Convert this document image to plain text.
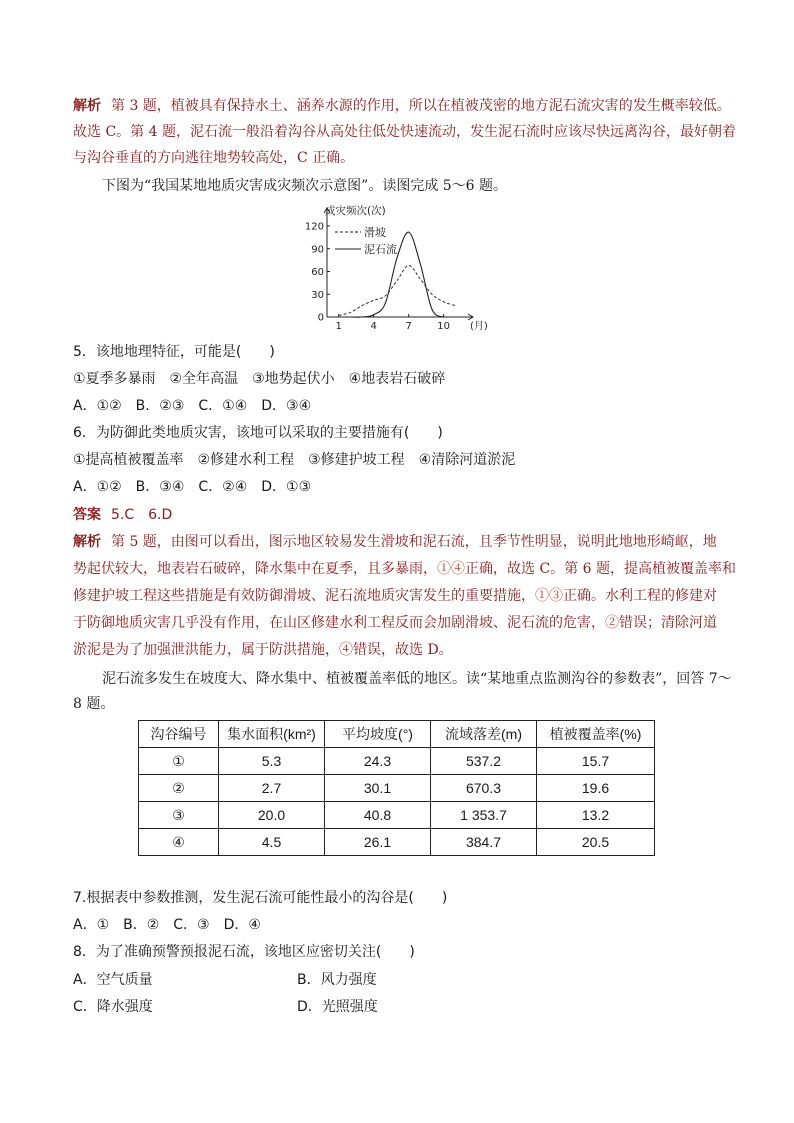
解析 第 3 题，植被具有保持水土、涵养水源的作用，所以在植被茂密的地方泥石流灾害的发生概率较低。
故选 C。第 4 题，泥石流一般沿着沟谷从高处往低处快速流动，发生泥石流时应该尽快远离沟谷，最好朝着
与沟谷垂直的方向逃往地势较高处，C 正确。
下图为“我国某地地质灾害成灾频次示意图”。读图完成 5～6 题。
成灾频次(次)
(月)
0
30
60
90
120
1	4	7	10
滑坡
泥石流
5．该地地理特征，可能是(　　)
①夏季多暴雨　②全年高温　③地势起伏小　④地表岩石破碎
A．①②　B．②③　C．①④　D．③④
6．为防御此类地质灾害，该地可以采取的主要措施有(　　)
①提高植被覆盖率　②修建水利工程　③修建护坡工程　④清除河道淤泥
A．①②　B．③④　C．②④　D．①③
答案 5.C　6.D
解析 第 5 题，由图可以看出，图示地区较易发生滑坡和泥石流，且季节性明显，说明此地地形崎岖，地
势起伏较大，地表岩石破碎，降水集中在夏季，且多暴雨，①④正确，故选 C。第 6 题，提高植被覆盖率和
修建护坡工程这些措施是有效防御滑坡、泥石流地质灾害发生的重要措施，①③正确。水利工程的修建对
于防御地质灾害几乎没有作用，在山区修建水利工程反而会加剧滑坡、泥石流的危害，②错误；清除河道
淤泥是为了加强泄洪能力，属于防洪措施，④错误，故选 D。
泥石流多发生在坡度大、降水集中、植被覆盖率低的地区。读“某地重点监测沟谷的参数表”，回答 7～
8 题。
沟谷编号	集水面积(km²)	平均坡度(°)	流域落差(m)	植被覆盖率(%)
①	5.3	24.3	537.2	15.7
②	2.7	30.1	670.3	19.6
③	20.0	40.8	1 353.7	13.2
④	4.5	26.1	384.7	20.5
7.根据表中参数推测，发生泥石流可能性最小的沟谷是(　　)
A．①　B．②　C．③　D．④
8．为了准确预警预报泥石流，该地区应密切关注(　　)
A．空气质量	B．风力强度
C．降水强度	D．光照强度
